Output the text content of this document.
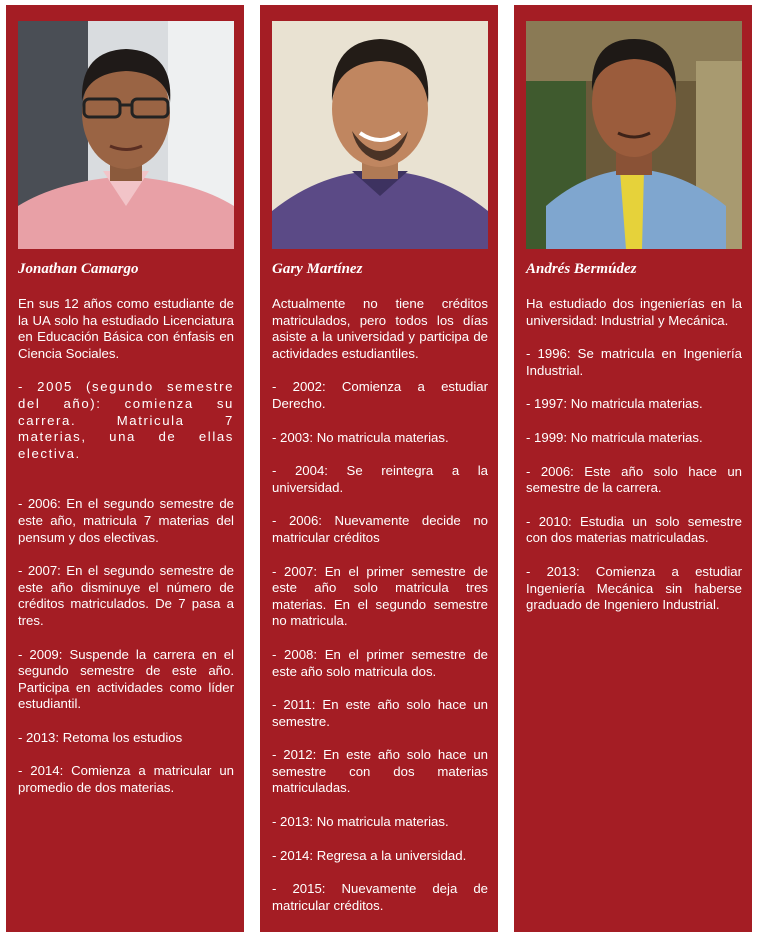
Jonathan Camargo
En sus 12 años como estudiante de la UA solo ha estudiado Licenciatura en Educación Básica con énfasis en Ciencia Sociales.
- 2005 (segundo semestre del año): comienza su carrera. Matricula 7 materias, una de ellas electiva.
- 2006: En el segundo semestre de este año, matricula 7 materias del pensum y dos electivas.
- 2007: En el segundo semestre de este año disminuye el número de créditos matriculados. De 7 pasa a tres.
- 2009: Suspende la carrera en el segundo semestre de este año. Participa en actividades como líder estudiantil.
- 2013: Retoma los estudios
- 2014: Comienza a matricular un promedio de dos materias.
Gary Martínez
Actualmente no tiene créditos matriculados, pero todos los días asiste a la universidad y participa de actividades estudiantiles.
- 2002: Comienza a estudiar Derecho.
- 2003: No matricula materias.
- 2004: Se reintegra a la universidad.
- 2006: Nuevamente decide no matricular créditos
- 2007: En el primer semestre de este año solo matricula tres materias. En el segundo semestre no matricula.
- 2008: En el primer semestre de este año solo matricula dos.
- 2011: En este año solo hace un semestre.
- 2012: En este año solo hace un semestre con dos materias matriculadas.
- 2013: No matricula materias.
- 2014: Regresa a la universidad.
- 2015: Nuevamente deja de matricular créditos.
Andrés Bermúdez
Ha estudiado dos ingenierías en la universidad: Industrial y Mecánica.
- 1996: Se matricula en Ingeniería Industrial.
- 1997: No matricula materias.
- 1999: No matricula materias.
- 2006: Este año solo hace un semestre de la carrera.
- 2010: Estudia un solo semestre con dos materias matriculadas.
- 2013: Comienza a estudiar Ingeniería Mecánica sin haberse graduado de Ingeniero Industrial.
